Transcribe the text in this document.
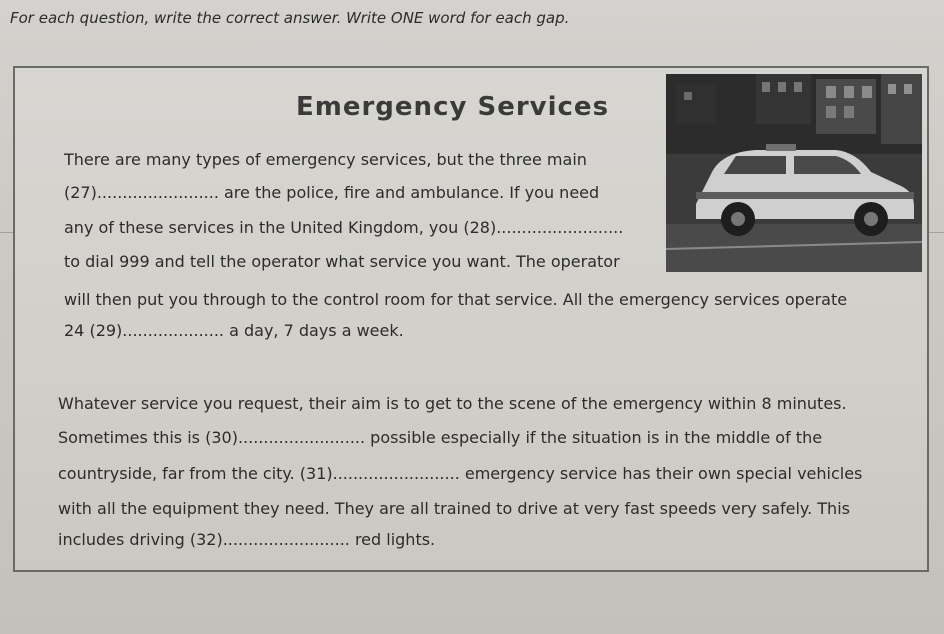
For each question, write the correct answer. Write ONE word for each gap.
Emergency Services
There are many types of emergency services, but the three main
(27)........................ are the police, fire and ambulance. If you need
any of these services in the United Kingdom, you (28).........................
to dial 999 and tell the operator what service you want. The operator
will then put you through to the control room for that service. All the emergency services operate
24 (29).................... a day, 7 days a week.
Whatever service you request, their aim is to get to the scene of the emergency within 8 minutes.
Sometimes this is (30)......................... possible especially if the situation is in the middle of the
countryside, far from the city. (31)......................... emergency service has their own special vehicles
with all the equipment they need. They are all trained to drive at very fast speeds very safely. This
includes driving (32)......................... red lights.
